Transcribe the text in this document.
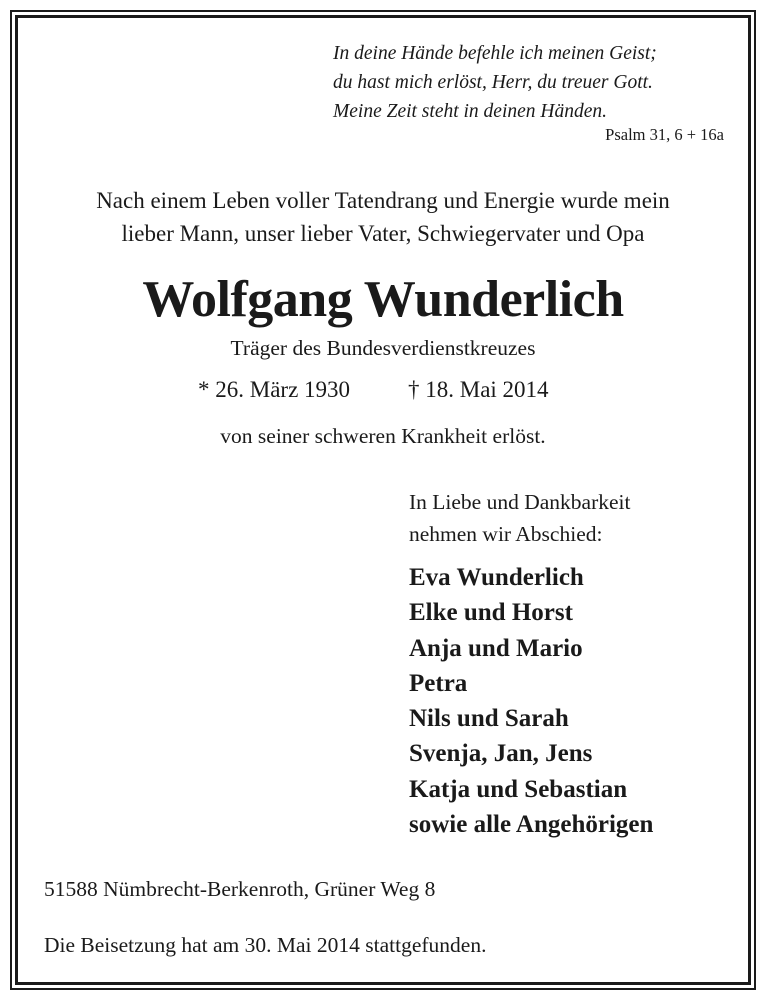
In deine Hände befehle ich meinen Geist;
du hast mich erlöst, Herr, du treuer Gott.
Meine Zeit steht in deinen Händen.
Psalm 31, 6 + 16a
Nach einem Leben voller Tatendrang und Energie wurde mein
lieber Mann, unser lieber Vater, Schwiegervater und Opa
Wolfgang Wunderlich
Träger des Bundesverdienstkreuzes
* 26. März 1930	† 18. Mai 2014
von seiner schweren Krankheit erlöst.
In Liebe und Dankbarkeit
nehmen wir Abschied:
Eva Wunderlich
Elke und Horst
Anja und Mario
Petra
Nils und Sarah
Svenja, Jan, Jens
Katja und Sebastian
sowie alle Angehörigen
51588 Nümbrecht-Berkenroth, Grüner Weg 8
Die Beisetzung hat am 30. Mai 2014 stattgefunden.
